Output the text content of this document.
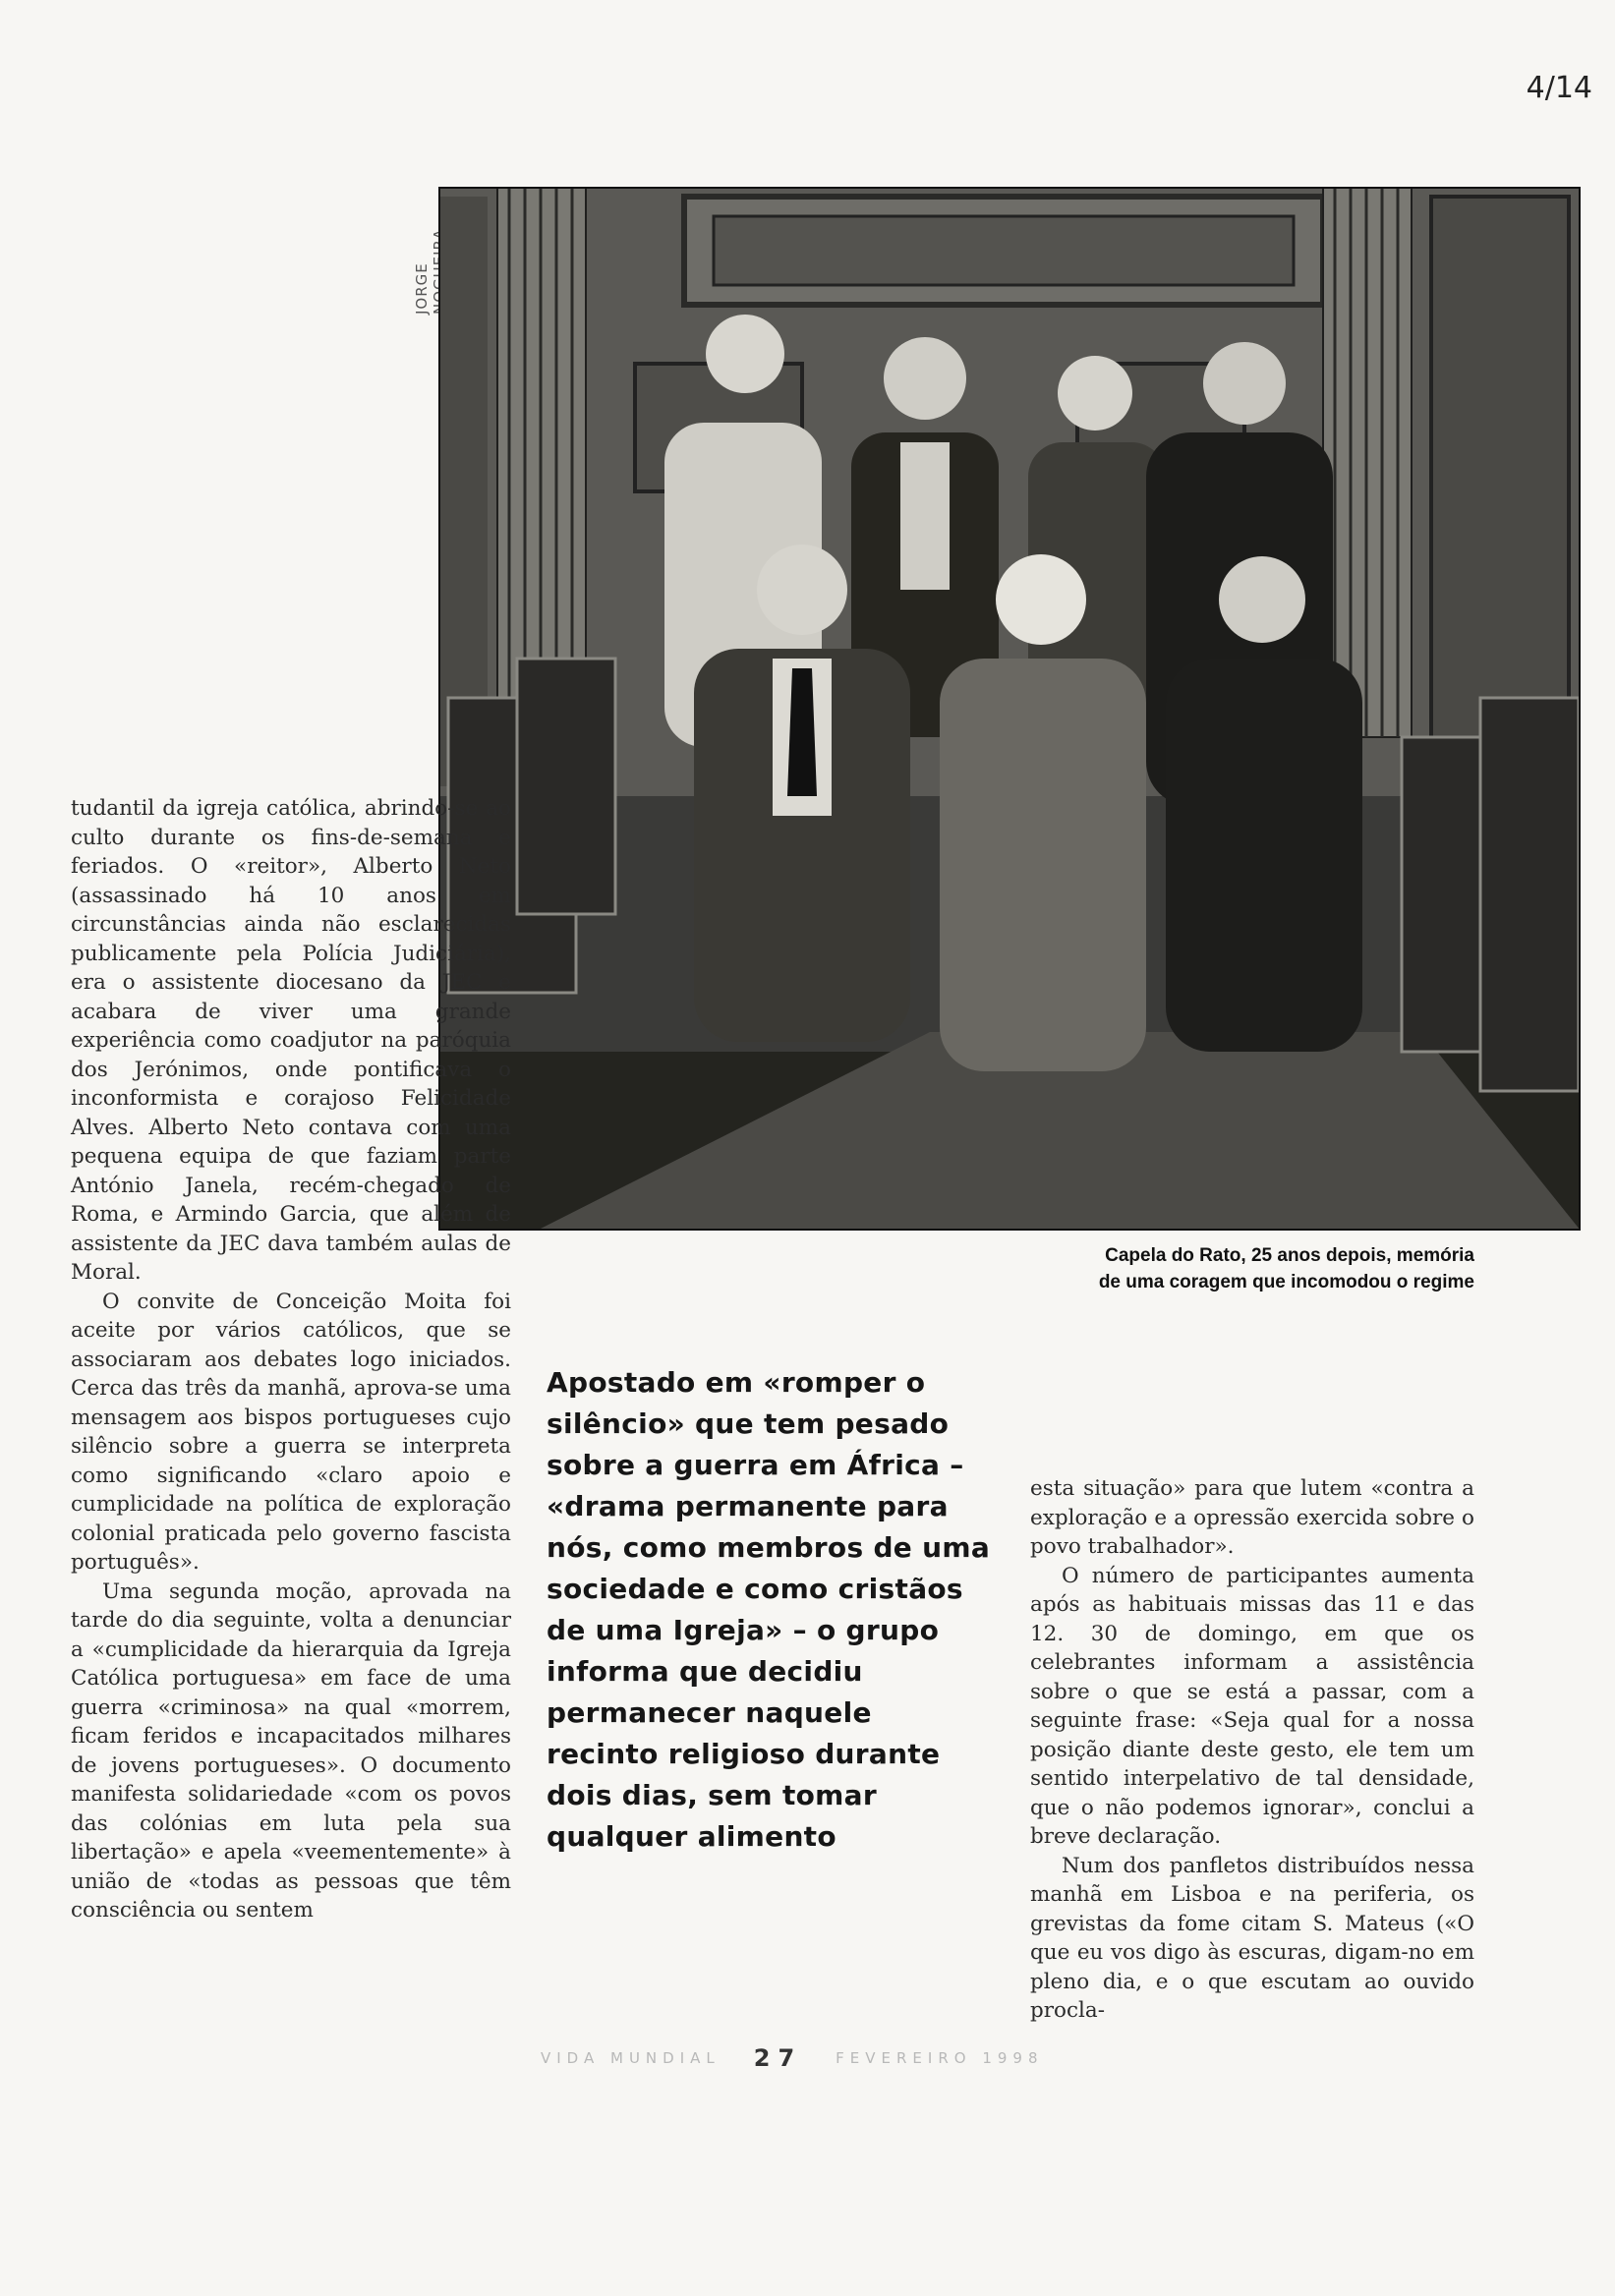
4/14
JORGE
Capela do Rato, 25 anos depois, memória
de uma coragem que incomodou o regime

tudantil da igreja católica, abrindo-se ao culto durante os fins-de-semana e feriados. O «reitor», Alberto Neto (assassinado há 10 anos em circunstâncias ainda não esclarecidas publicamente pela Polícia Judiciária), era o assistente diocesano da JEC e acabara de viver uma grande experiência como coadjutor na paróquia dos Jerónimos, onde pontificava o inconformista e corajoso Felicidade Alves. Alberto Neto contava com uma pequena equipa de que faziam parte António Janela, recém-chegado de Roma, e Armindo Garcia, que além de assistente da JEC dava também aulas de Moral.

O convite de Conceição Moita foi aceite por vários católicos, que se associaram aos debates logo iniciados. Cerca das três da manhã, aprova-se uma mensagem aos bispos portugueses cujo silêncio sobre a guerra se interpreta como significando «claro apoio e cumplicidade na política de exploração colonial praticada pelo governo fascista português».

Uma segunda moção, aprovada na tarde do dia seguinte, volta a denunciar a «cumplicidade da hierarquia da Igreja Católica portuguesa» em face de uma guerra «criminosa» na qual «morrem, ficam feridos e incapacitados milhares de jovens portugueses». O documento manifesta solidariedade «com os povos das colónias em luta pela sua libertação» e apela «veementemente» à união de «todas as pessoas que têm consciência ou sentem

Apostado em «romper o silêncio» que tem pesado sobre a guerra em África – «drama permanente para nós, como membros de uma sociedade e como cristãos de uma Igreja» – o grupo informa que decidiu permanecer naquele recinto religioso durante dois dias, sem tomar qualquer alimento

esta situação» para que lutem «contra a exploração e a opressão exercida sobre o povo trabalhador».

O número de participantes aumenta após as habituais missas das 11 e das 12. 30 de domingo, em que os celebrantes informam a assistência sobre o que se está a passar, com a seguinte frase: «Seja qual for a nossa posição diante deste gesto, ele tem um sentido interpelativo de tal densidade, que o não podemos ignorar», conclui a breve declaração.

Num dos panfletos distribuídos nessa manhã em Lisboa e na periferia, os grevistas da fome citam S. Mateus («O que eu vos digo às escuras, digam-no em pleno dia, e o que escutam ao ouvido procla-

VIDA MUNDIAL 27 FEVEREIRO 1998
